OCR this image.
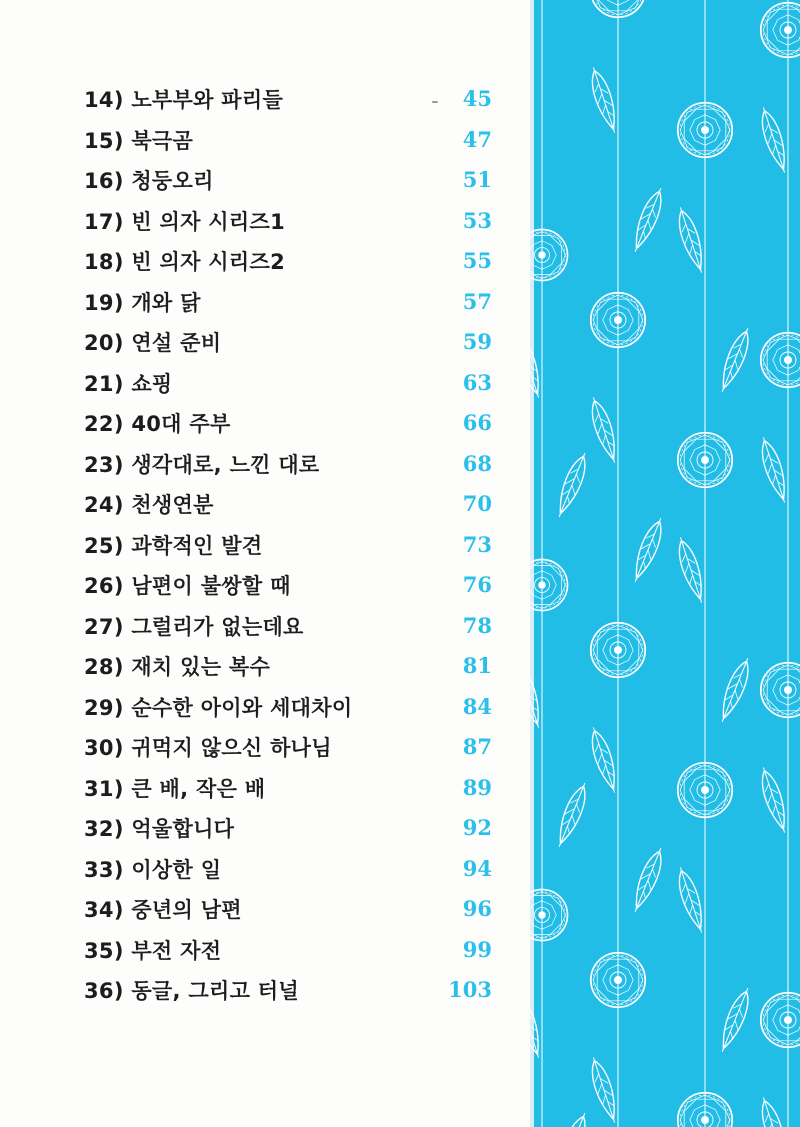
14) 노부부와 파리들	45
15) 북극곰	47
16) 청둥오리	51
17) 빈 의자 시리즈1	53
18) 빈 의자 시리즈2	55
19) 개와 닭	57
20) 연설 준비	59
21) 쇼핑	63
22) 40대 주부	66
23) 생각대로, 느낀 대로	68
24) 천생연분	70
25) 과학적인 발견	73
26) 남편이 불쌍할 때	76
27) 그럴리가 없는데요	78
28) 재치 있는 복수	81
29) 순수한 아이와 세대차이	84
30) 귀먹지 않으신 하나님	87
31) 큰 배, 작은 배	89
32) 억울합니다	92
33) 이상한 일	94
34) 중년의 남편	96
35) 부전 자전	99
36) 동글, 그리고 터널	103
